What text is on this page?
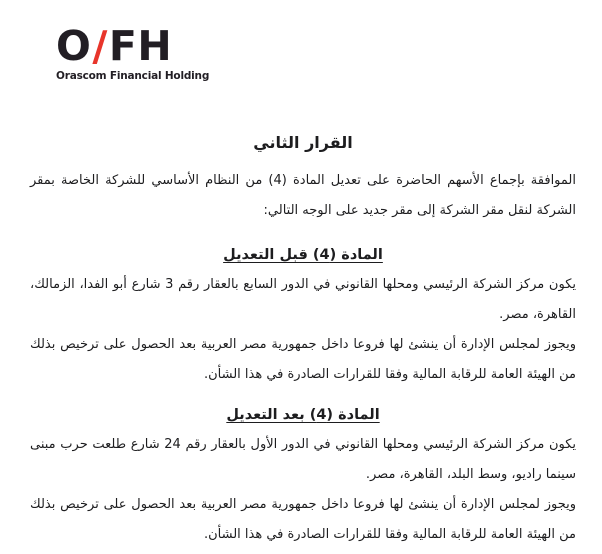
O/FH
Orascom Financial Holding
القرار الثاني

الموافقة بإجماع الأسهم الحاضرة على تعديل المادة (4) من النظام الأساسي للشركة الخاصة بمقر الشركة لنقل مقر الشركة إلى مقر جديد على الوجه التالي:

المادة (4) قبل التعديل

يكون مركز الشركة الرئيسي ومحلها القانوني في الدور السابع بالعقار رقم 3 شارع أبو الفدا، الزمالك، القاهرة، مصر.

ويجوز لمجلس الإدارة أن ينشئ لها فروعا داخل جمهورية مصر العربية بعد الحصول على ترخيص بذلك من الهيئة العامة للرقابة المالية وفقا للقرارات الصادرة في هذا الشأن.

المادة (4) بعد التعديل

يكون مركز الشركة الرئيسي ومحلها القانوني في الدور الأول بالعقار رقم 24 شارع طلعت حرب مبنى سينما راديو، وسط البلد، القاهرة، مصر.

ويجوز لمجلس الإدارة أن ينشئ لها فروعا داخل جمهورية مصر العربية بعد الحصول على ترخيص بذلك من الهيئة العامة للرقابة المالية وفقا للقرارات الصادرة في هذا الشأن.
